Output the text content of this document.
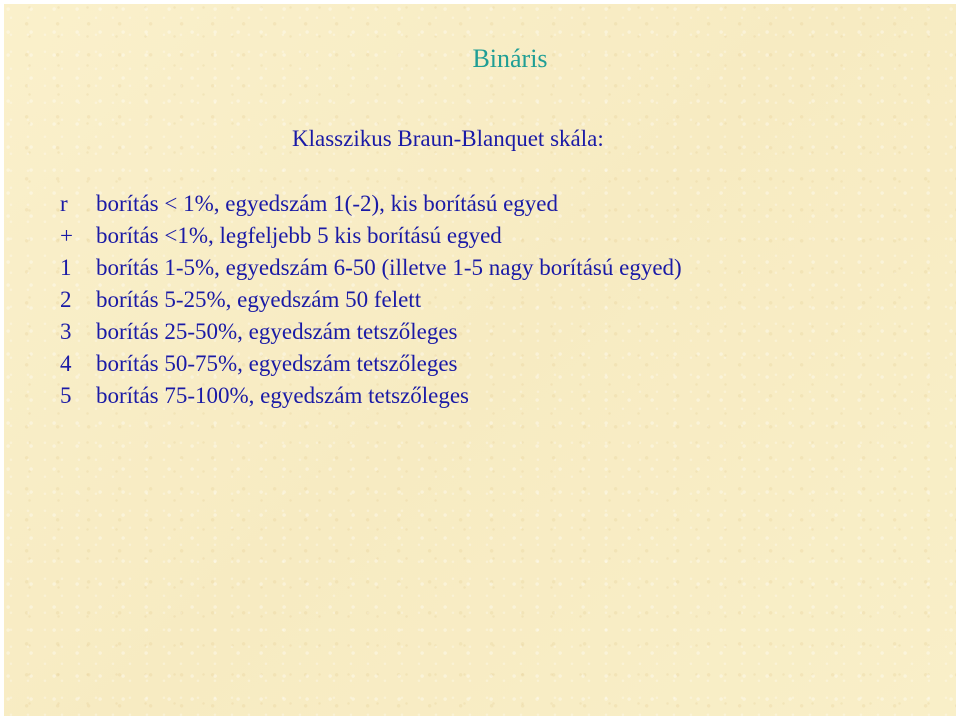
Bináris
Klasszikus Braun-Blanquet skála:
r	borítás < 1%, egyedszám 1(-2), kis borítású egyed
+	borítás <1%, legfeljebb 5 kis borítású egyed
1	borítás 1-5%, egyedszám 6-50 (illetve 1-5 nagy borítású egyed)
2	borítás 5-25%, egyedszám 50 felett
3	borítás 25-50%, egyedszám tetszőleges
4	borítás 50-75%, egyedszám tetszőleges
5	borítás 75-100%, egyedszám tetszőleges
